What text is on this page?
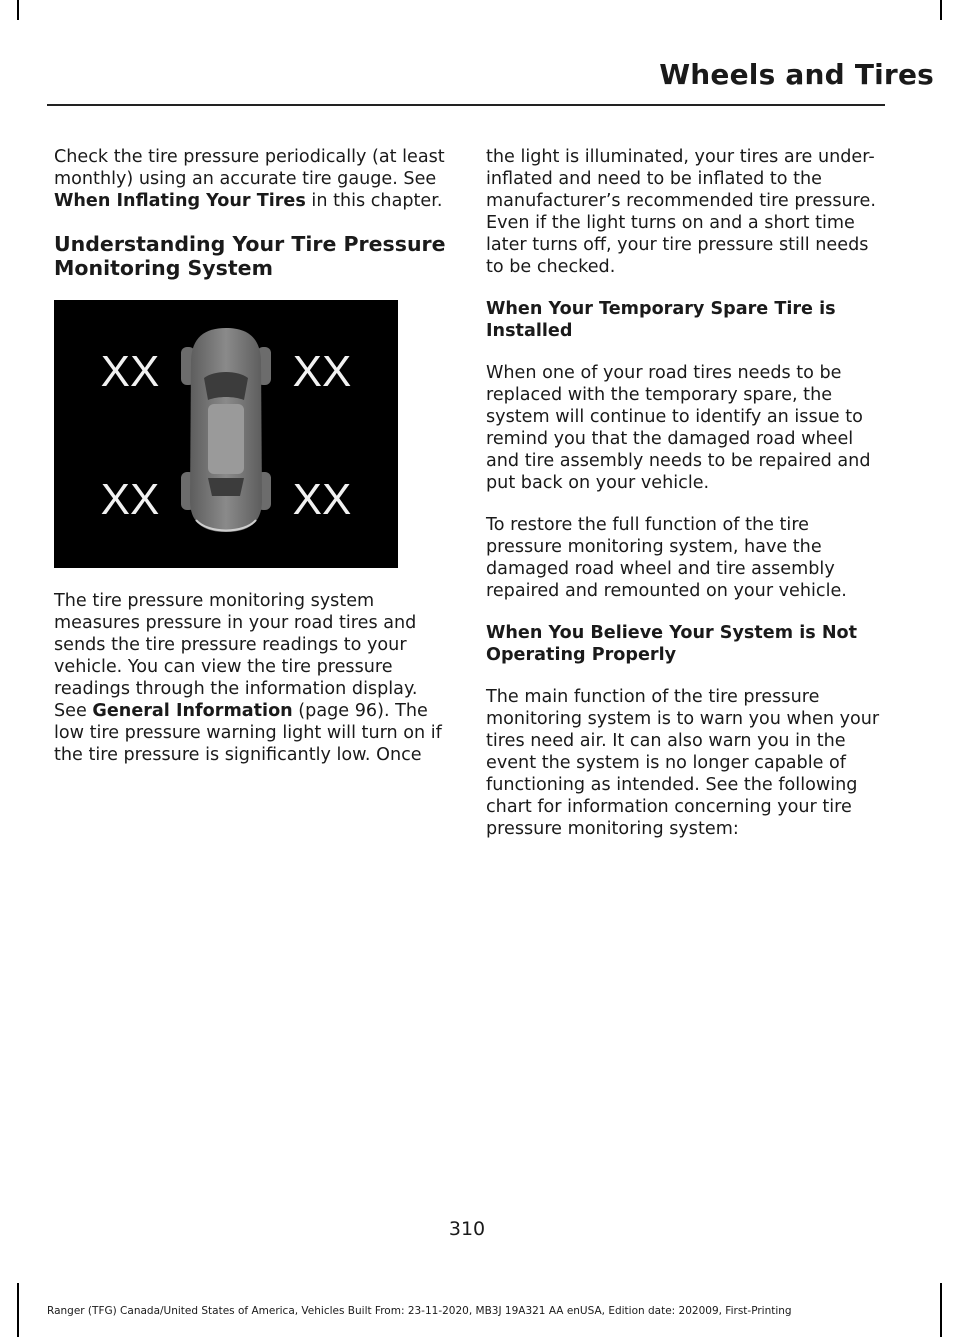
Wheels and Tires

Check the tire pressure periodically (at least monthly) using an accurate tire gauge. See When Inflating Your Tires in this chapter.

Understanding Your Tire Pressure Monitoring System
XX	XX
XX	XX

The tire pressure monitoring system measures pressure in your road tires and sends the tire pressure readings to your vehicle. You can view the tire pressure readings through the information display. See General Information (page 96). The low tire pressure warning light will turn on if the tire pressure is significantly low. Once

the light is illuminated, your tires are under-inflated and need to be inflated to the manufacturer’s recommended tire pressure. Even if the light turns on and a short time later turns off, your tire pressure still needs to be checked.

When Your Temporary Spare Tire is Installed

When one of your road tires needs to be replaced with the temporary spare, the system will continue to identify an issue to remind you that the damaged road wheel and tire assembly needs to be repaired and put back on your vehicle.

To restore the full function of the tire pressure monitoring system, have the damaged road wheel and tire assembly repaired and remounted on your vehicle.

When You Believe Your System is Not Operating Properly

The main function of the tire pressure monitoring system is to warn you when your tires need air. It can also warn you in the event the system is no longer capable of functioning as intended. See the following chart for information concerning your tire pressure monitoring system:

310
Ranger (TFG) Canada/United States of America, Vehicles Built From: 23-11-2020, MB3J 19A321 AA enUSA, Edition date: 202009, First-Printing
